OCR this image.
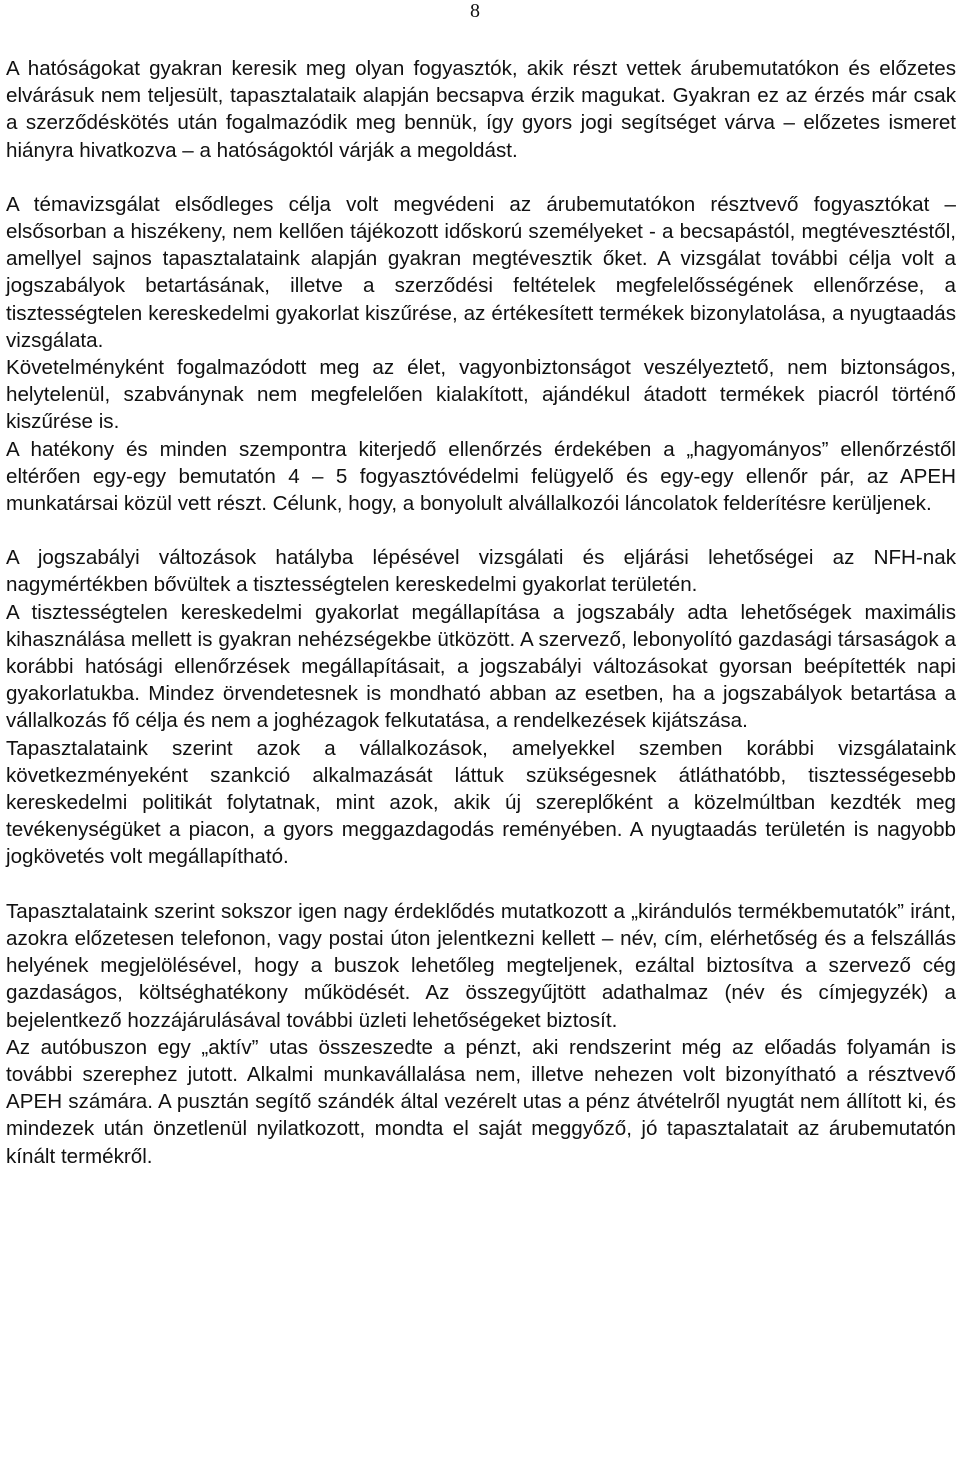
8

A hatóságokat gyakran keresik meg olyan fogyasztók, akik részt vettek árubemutatókon és előzetes elvárásuk nem teljesült, tapasztalataik alapján becsapva érzik magukat. Gyakran ez az érzés már csak a szerződéskötés után fogalmazódik meg bennük, így gyors jogi segítséget várva – előzetes ismeret hiányra hivatkozva – a hatóságoktól várják a megoldást.

A témavizsgálat elsődleges célja volt megvédeni az árubemutatókon résztvevő fogyasztókat –elsősorban a hiszékeny, nem kellően tájékozott időskorú személyeket - a becsapástól, megtévesztéstől, amellyel sajnos tapasztalataink alapján gyakran megtévesztik őket. A vizsgálat további célja volt a jogszabályok betartásának, illetve a szerződési feltételek megfelelősségének ellenőrzése, a tisztességtelen kereskedelmi gyakorlat kiszűrése, az értékesített termékek bizonylatolása, a nyugtaadás vizsgálata.

Követelményként fogalmazódott meg az élet, vagyonbiztonságot veszélyeztető, nem biztonságos, helytelenül, szabványnak nem megfelelően kialakított, ajándékul átadott termékek piacról történő kiszűrése is.

A hatékony és minden szempontra kiterjedő ellenőrzés érdekében a „hagyományos” ellenőrzéstől eltérően egy-egy bemutatón 4 – 5 fogyasztóvédelmi felügyelő és egy-egy ellenőr pár, az APEH munkatársai közül vett részt. Célunk, hogy, a bonyolult alvállalkozói láncolatok felderítésre kerüljenek.

A jogszabályi változások hatályba lépésével vizsgálati és eljárási lehetőségei az NFH-nak nagymértékben bővültek a tisztességtelen kereskedelmi gyakorlat területén.

A tisztességtelen kereskedelmi gyakorlat megállapítása a jogszabály adta lehetőségek maximális kihasználása mellett is gyakran nehézségekbe ütközött. A szervező, lebonyolító gazdasági társaságok a korábbi hatósági ellenőrzések megállapításait, a jogszabályi változásokat gyorsan beépítették napi gyakorlatukba. Mindez örvendetesnek is mondható abban az esetben, ha a jogszabályok betartása a vállalkozás fő célja és nem a joghézagok felkutatása, a rendelkezések kijátszása.

Tapasztalataink szerint azok a vállalkozások, amelyekkel szemben korábbi vizsgálataink következményeként szankció alkalmazását láttuk szükségesnek átláthatóbb, tisztességesebb kereskedelmi politikát folytatnak, mint azok, akik új szereplőként a közelmúltban kezdték meg tevékenységüket a piacon, a gyors meggazdagodás reményében. A nyugtaadás területén is nagyobb jogkövetés volt megállapítható.

Tapasztalataink szerint sokszor igen nagy érdeklődés mutatkozott a „kirándulós termékbemutatók” iránt, azokra előzetesen telefonon, vagy postai úton jelentkezni kellett – név, cím, elérhetőség és a felszállás helyének megjelölésével, hogy a buszok lehetőleg megteljenek, ezáltal biztosítva a szervező cég gazdaságos, költséghatékony működését. Az összegyűjtött adathalmaz (név és címjegyzék) a bejelentkező hozzájárulásával további üzleti lehetőségeket biztosít.

Az autóbuszon egy „aktív” utas összeszedte a pénzt, aki rendszerint még az előadás folyamán is további szerephez jutott. Alkalmi munkavállalása nem, illetve nehezen volt bizonyítható a résztvevő APEH számára. A pusztán segítő szándék által vezérelt utas a pénz átvételről nyugtát nem állított ki, és mindezek után önzetlenül nyilatkozott, mondta el saját meggyőző, jó tapasztalatait az árubemutatón kínált termékről.
